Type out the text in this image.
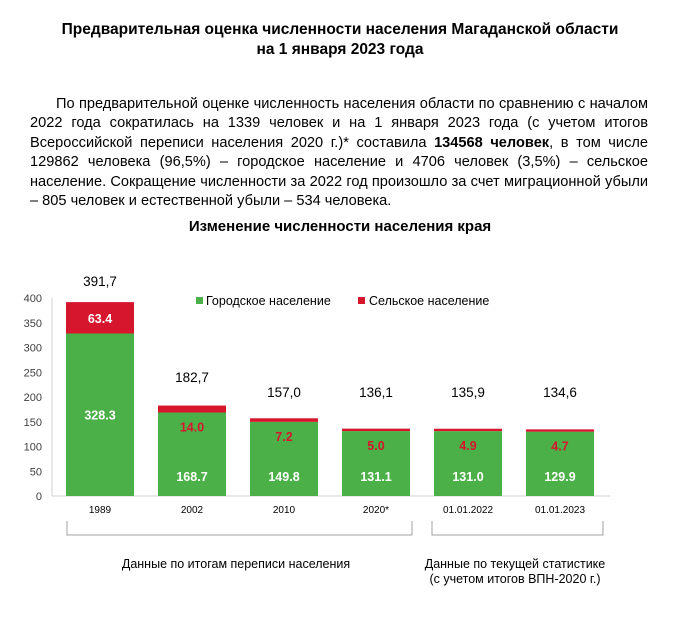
Предварительная оценка численности населения Магаданской области
на 1 января 2023 года
По предварительной оценке численность населения области по сравнению с началом 2022 года сократилась на 1339 человек и на 1 января 2023 года (с учетом итогов Всероссийской переписи населения 2020 г.)* составила 134568 человек, в том числе 129862 человека (96,5%) – городское население и 4706 человек (3,5%) – сельское население. Сокращение численности за 2022 год произошло за счет миграционной убыли – 805 человек и естественной убыли – 534 человека.
Изменение численности населения края
0
50
100
150
200
250
300
350
400
328.3
63.4
391,7
1989
168.7
14.0
182,7
2002
149.8
7.2
157,0
2010
131.1
5.0
136,1
2020*
131.0
4.9
135,9
01.01.2022
129.9
4.7
134,6
01.01.2023
Городское население	Сельское население
Данные по итогам переписи населения	Данные по текущей статистике
(с учетом итогов ВПН-2020 г.)
